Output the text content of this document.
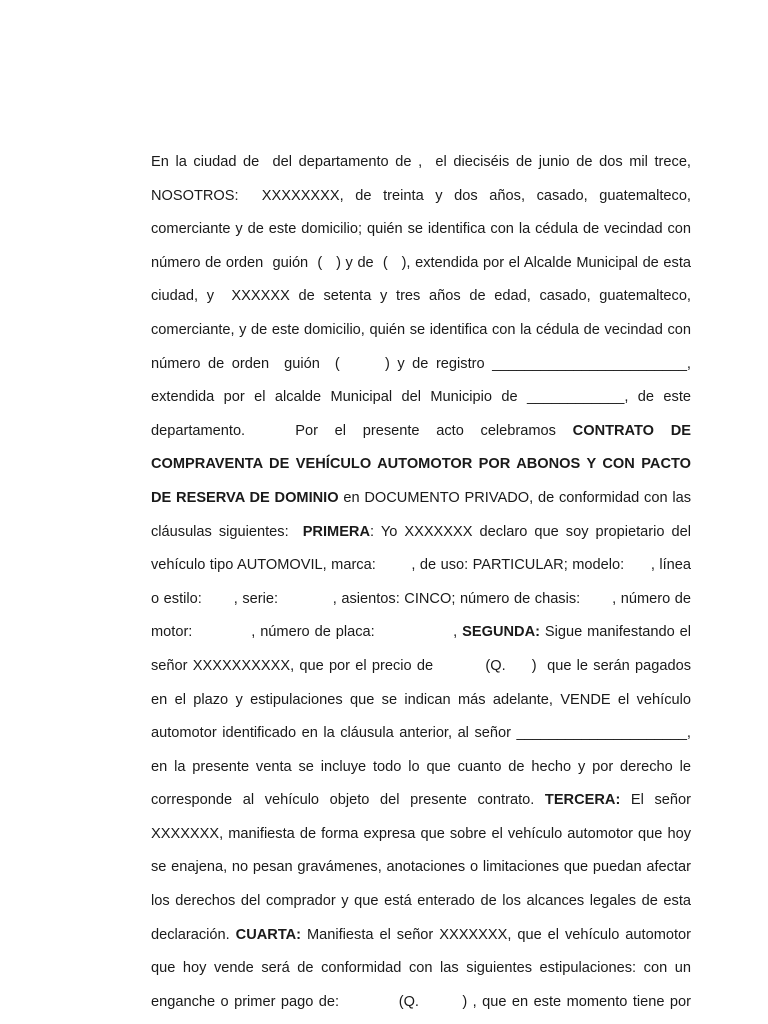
En la ciudad de  del departamento de ,  el dieciséis de junio de dos mil trece,
NOSOTROS:  XXXXXXXX, de treinta y dos años, casado, guatemalteco,
comerciante y de este domicilio; quién se identifica con la cédula de vecindad con
número de orden  guión  (   ) y de  (   ), extendida por el Alcalde Municipal de esta
ciudad, y  XXXXXX de setenta y tres años de edad, casado, guatemalteco,
comerciante, y de este domicilio, quién se identifica con la cédula de vecindad con
número de orden  guión  (      ) y de registro ________________________,
extendida por el alcalde Municipal del Municipio de ____________, de este
departamento.   Por el presente acto celebramos CONTRATO DE
COMPRAVENTA DE VEHÍCULO AUTOMOTOR POR ABONOS Y CON PACTO
DE RESERVA DE DOMINIO en DOCUMENTO PRIVADO, de conformidad con las
cláusulas siguientes:  PRIMERA: Yo XXXXXXX declaro que soy propietario del
vehículo tipo AUTOMOVIL, marca:        , de uso: PARTICULAR; modelo:      , línea
o estilo:       , serie:            , asientos: CINCO; número de chasis:       , número de
motor:            , número de placa:                , SEGUNDA: Sigue manifestando el
señor XXXXXXXXXX, que por el precio de          (Q.     )  que le serán pagados
en el plazo y estipulaciones que se indican más adelante, VENDE el vehículo
automotor identificado en la cláusula anterior, al señor _____________________,
en la presente venta se incluye todo lo que cuanto de hecho y por derecho le
corresponde al vehículo objeto del presente contrato. TERCERA: El señor
XXXXXXX, manifiesta de forma expresa que sobre el vehículo automotor que hoy
se enajena, no pesan gravámenes, anotaciones o limitaciones que puedan afectar
los derechos del comprador y que está enterado de los alcances legales de esta
declaración. CUARTA: Manifiesta el señor XXXXXXX, que el vehículo automotor
que hoy vende será de conformidad con las siguientes estipulaciones: con un
enganche o primer pago de:           (Q.        ) , que en este momento tiene por
